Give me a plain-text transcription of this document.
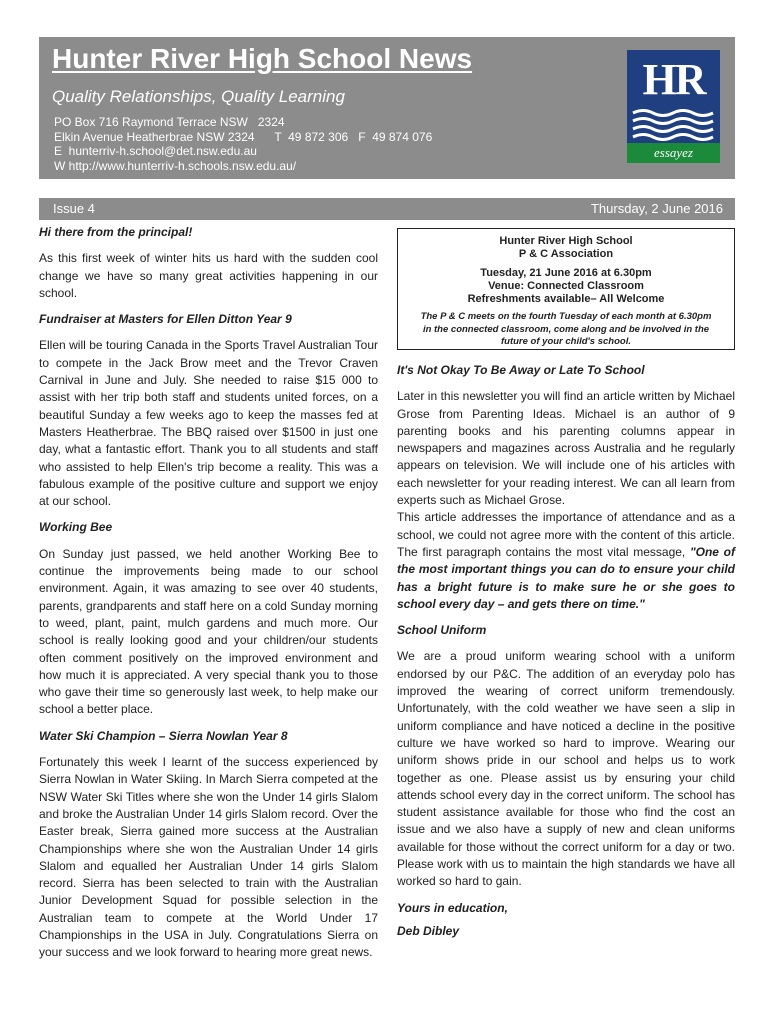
Hunter River High School News
Quality Relationships, Quality Learning
PO Box 716 Raymond Terrace NSW   2324
Elkin Avenue Heatherbrae NSW 2324      T  49 872 306   F  49 874 076
E  hunterriv-h.school@det.nsw.edu.au
W http://www.hunterriv-h.schools.nsw.edu.au/
HR
essayez
Issue 4	Thursday, 2 June 2016
Hi there from the principal!

As this first week of winter hits us hard with the sudden cool change we have so many great activities happening in our school.

Fundraiser at Masters for Ellen Ditton Year 9

Ellen will be touring Canada in the Sports Travel Australian Tour to compete in the Jack Brow meet and the Trevor Craven Carnival in June and July. She needed to raise $15 000 to assist with her trip both staff and students united forces, on a beautiful Sunday a few weeks ago to keep the masses fed at Masters Heatherbrae. The BBQ raised over $1500 in just one day, what a fantastic effort. Thank you to all students and staff who assisted to help Ellen's trip become a reality. This was a fabulous example of the positive culture and support we enjoy at our school.

Working Bee

On Sunday just passed, we held another Working Bee to continue the improvements being made to our school environment. Again, it was amazing to see over 40 students, parents, grandparents and staff here on a cold Sunday morning to weed, plant, paint, mulch gardens and much more. Our school is really looking good and your children/our students often comment positively on the improved environment and how much it is appreciated. A very special thank you to those who gave their time so generously last week, to help make our school a better place.

Water Ski Champion – Sierra Nowlan Year 8

Fortunately this week I learnt of the success experienced by Sierra Nowlan in Water Skiing. In March Sierra competed at the NSW Water Ski Titles where she won the Under 14 girls Slalom and broke the Australian Under 14 girls Slalom record. Over the Easter break, Sierra gained more success at the Australian Championships where she won the Australian Under 14 girls Slalom and equalled her Australian Under 14 girls Slalom record. Sierra has been selected to train with the Australian Junior Development Squad for possible selection in the Australian team to compete at the World Under 17 Championships in the USA in July. Congratulations Sierra on your success and we look forward to hearing more great news.

Hunter River High School
P & C Association
Tuesday, 21 June 2016 at 6.30pm
Venue: Connected Classroom
Refreshments available– All Welcome
The P & C meets on the fourth Tuesday of each month at 6.30pm in the connected classroom, come along and be involved in the future of your child's school.
It's Not Okay To Be Away or Late To School

Later in this newsletter you will find an article written by Michael Grose from Parenting Ideas. Michael is an author of 9 parenting books and his parenting columns appear in newspapers and magazines across Australia and he regularly appears on television. We will include one of his articles with each newsletter for your reading interest. We can all learn from experts such as Michael Grose.

This article addresses the importance of attendance and as a school, we could not agree more with the content of this article. The first paragraph contains the most vital message, "One of the most important things you can do to ensure your child has a bright future is to make sure he or she goes to school every day – and gets there on time."

School Uniform

We are a proud uniform wearing school with a uniform endorsed by our P&C. The addition of an everyday polo has improved the wearing of correct uniform tremendously. Unfortunately, with the cold weather we have seen a slip in uniform compliance and have noticed a decline in the positive culture we have worked so hard to improve. Wearing our uniform shows pride in our school and helps us to work together as one. Please assist us by ensuring your child attends school every day in the correct uniform. The school has student assistance available for those who find the cost an issue and we also have a supply of new and clean uniforms available for those without the correct uniform for a day or two. Please work with us to maintain the high standards we have all worked so hard to gain.

Yours in education,
Deb Dibley
